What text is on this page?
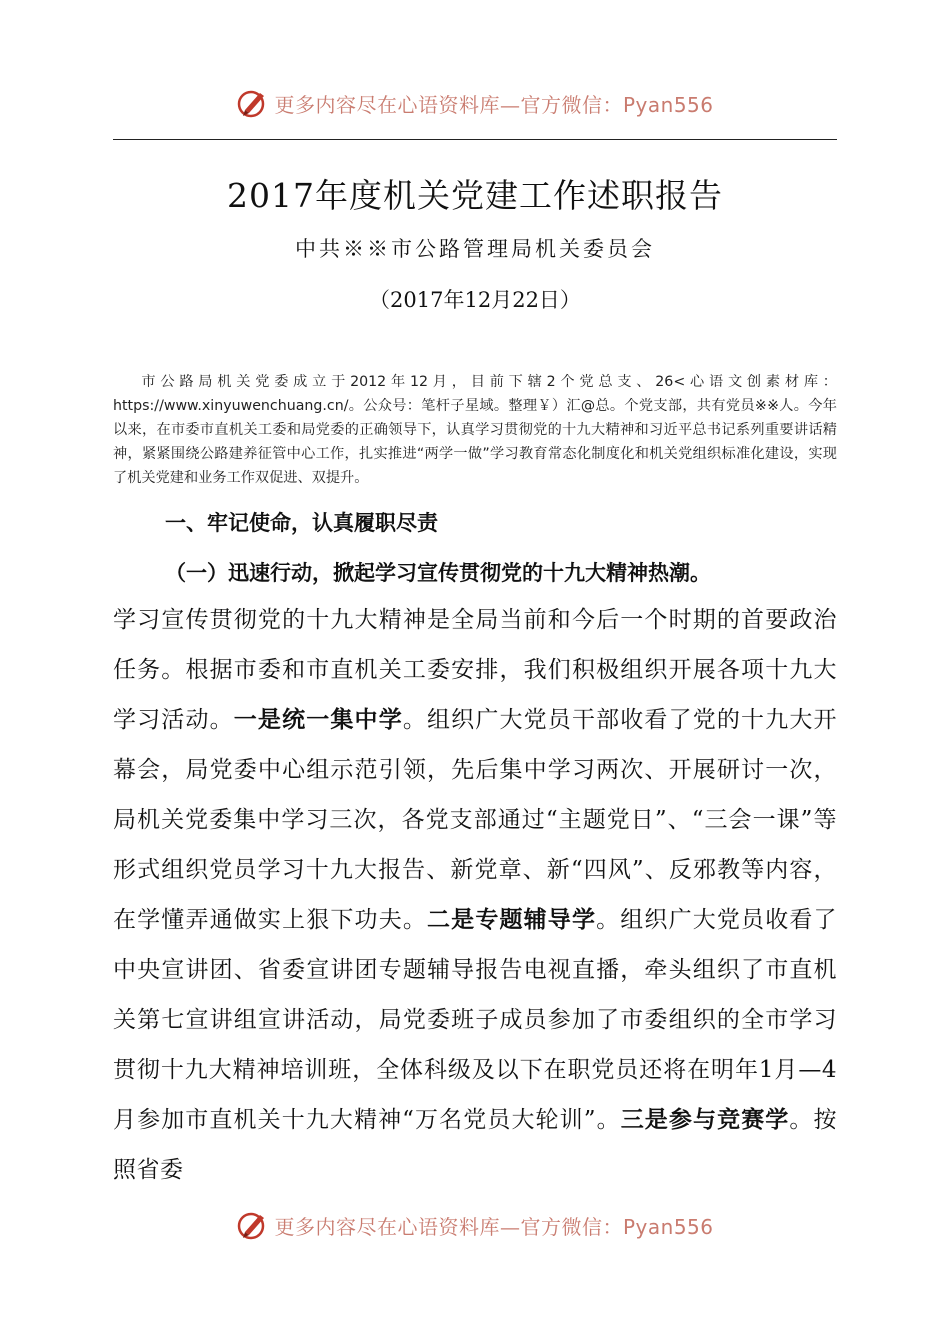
更多内容尽在心语资料库—官方微信：Pyan556
2017年度机关党建工作述职报告
中共※※市公路管理局机关委员会
（2017年12月22日）
市公路局机关党委成立于2012年12月，目前下辖2个党总支、26<心语文创素材库：https://www.xinyuwenchuang.cn/。公众号：笔杆子星域。整理￥）汇@总。个党支部，共有党员※※人。今年以来，在市委市直机关工委和局党委的正确领导下，认真学习贯彻党的十九大精神和习近平总书记系列重要讲话精神，紧紧围绕公路建养征管中心工作，扎实推进“两学一做”学习教育常态化制度化和机关党组织标准化建设，实现了机关党建和业务工作双促进、双提升。
一、牢记使命，认真履职尽责
（一）迅速行动，掀起学习宣传贯彻党的十九大精神热潮。
学习宣传贯彻党的十九大精神是全局当前和今后一个时期的首要政治任务。根据市委和市直机关工委安排，我们积极组织开展各项十九大学习活动。一是统一集中学。组织广大党员干部收看了党的十九大开幕会，局党委中心组示范引领，先后集中学习两次、开展研讨一次，局机关党委集中学习三次，各党支部通过“主题党日”、“三会一课”等形式组织党员学习十九大报告、新党章、新“四风”、反邪教等内容，在学懂弄通做实上狠下功夫。二是专题辅导学。组织广大党员收看了中央宣讲团、省委宣讲团专题辅导报告电视直播，牵头组织了市直机关第七宣讲组宣讲活动，局党委班子成员参加了市委组织的全市学习贯彻十九大精神培训班，全体科级及以下在职党员还将在明年1月—4月参加市直机关十九大精神“万名党员大轮训”。三是参与竞赛学。按照省委
更多内容尽在心语资料库—官方微信：Pyan556
